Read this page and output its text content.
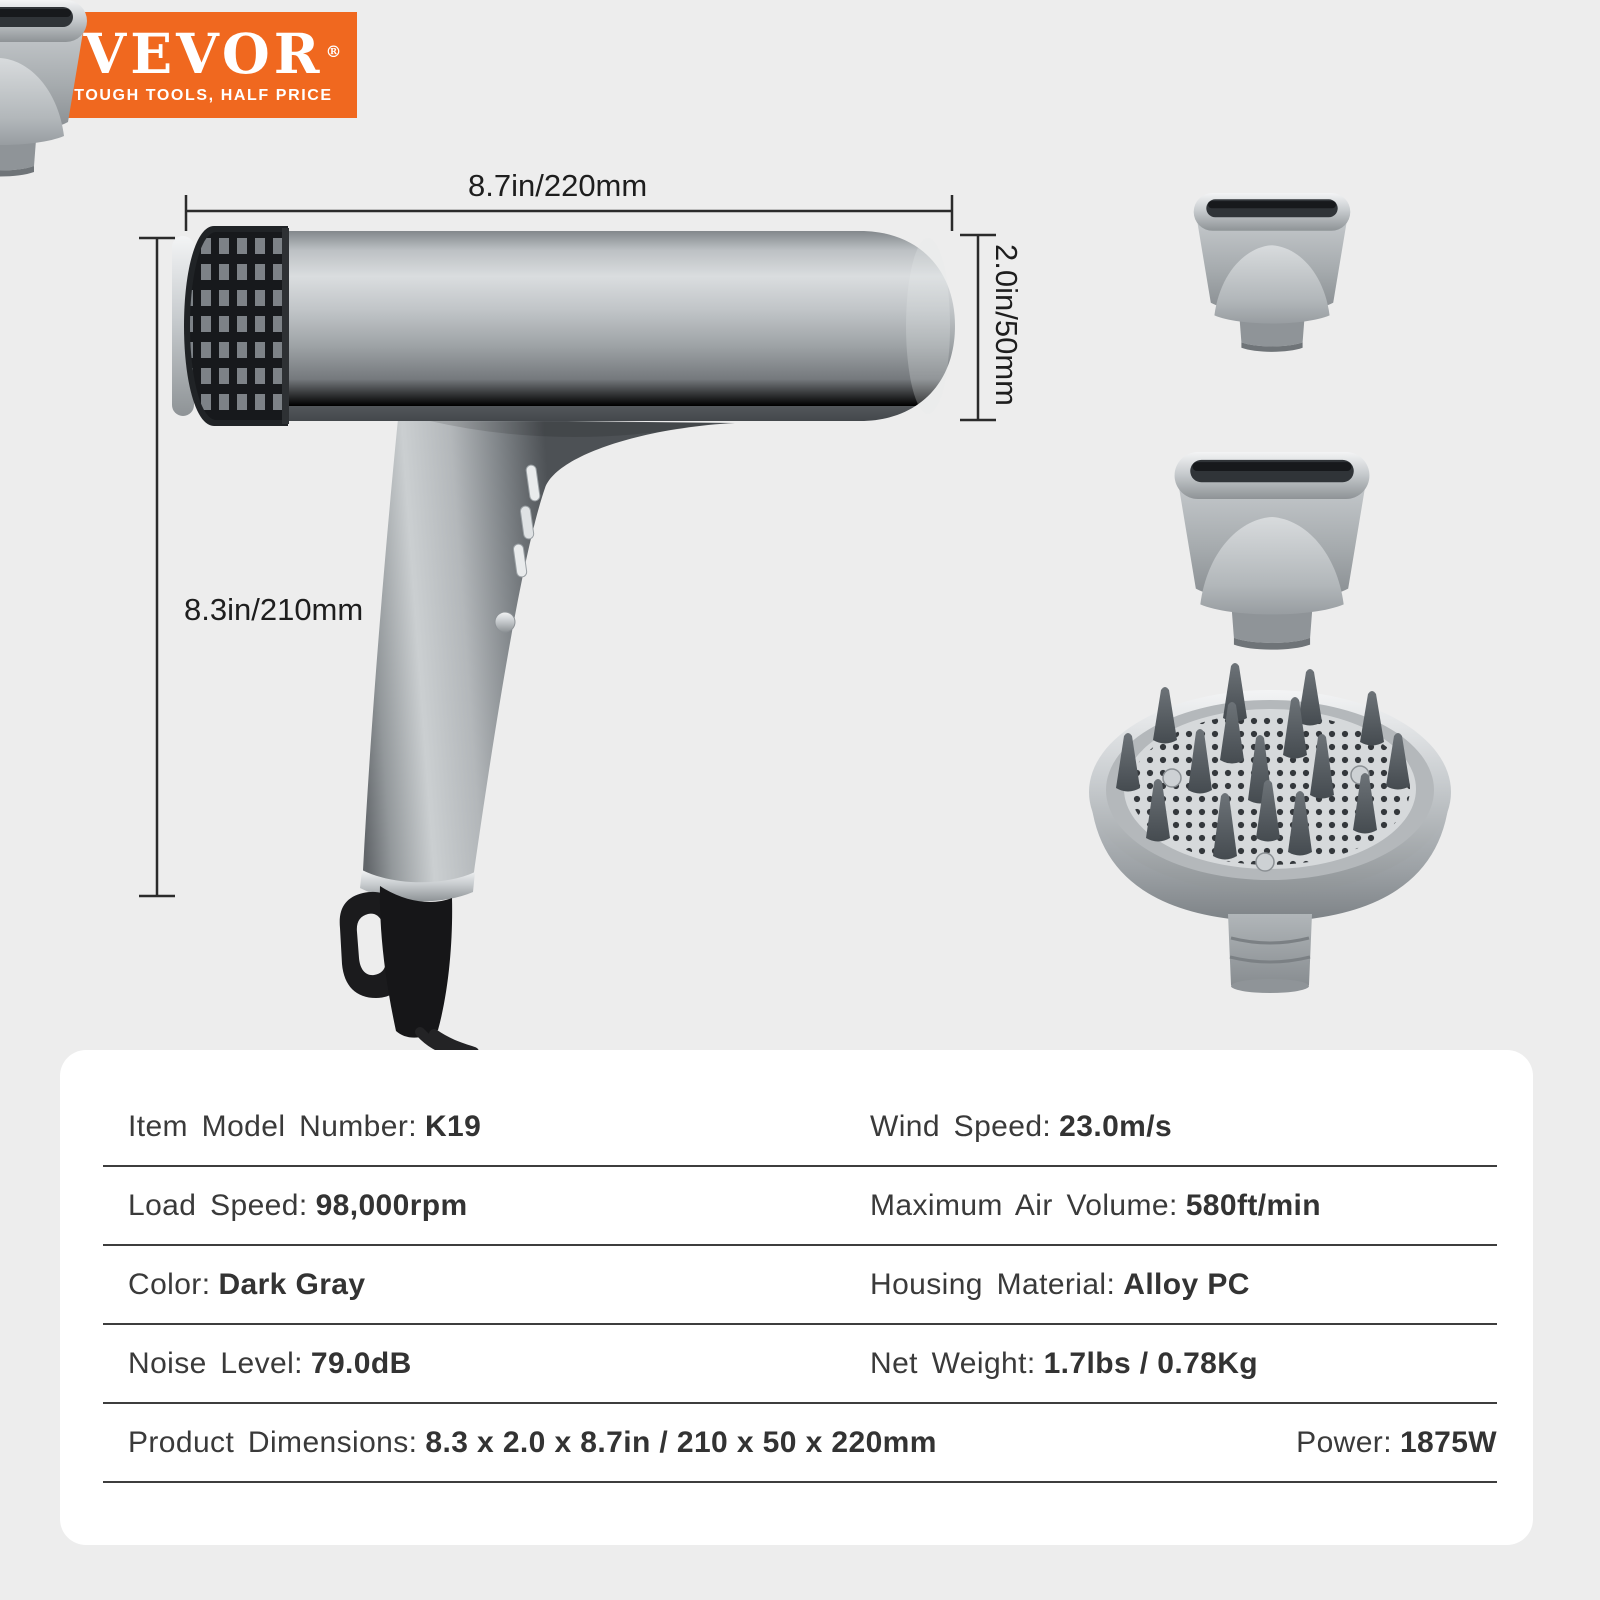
VEVOR ®
TOUGH TOOLS, HALF PRICE
8.7in/220mm
8.3in/210mm
2.0in/50mm
Item Model Number: K19	Wind Speed: 23.0m/s
Load Speed: 98,000rpm	Maximum Air Volume: 580ft/min
Color: Dark Gray	Housing Material: Alloy PC
Noise Level: 79.0dB	Net Weight: 1.7lbs / 0.78Kg
Product Dimensions: 8.3 x 2.0 x 8.7in / 210 x 50 x 220mm	Power: 1875W
